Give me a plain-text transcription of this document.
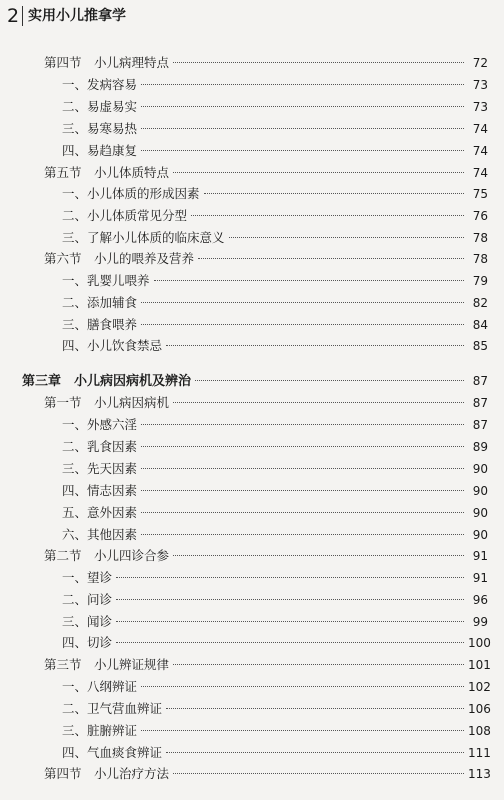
2 实用小儿推拿学
第四节　小儿病理特点	72
一、发病容易	73
二、易虚易实	73
三、易寒易热	74
四、易趋康复	74
第五节　小儿体质特点	74
一、小儿体质的形成因素	75
二、小儿体质常见分型	76
三、了解小儿体质的临床意义	78
第六节　小儿的喂养及营养	78
一、乳婴儿喂养	79
二、添加辅食	82
三、膳食喂养	84
四、小儿饮食禁忌	85
第三章　小儿病因病机及辨治	87
第一节　小儿病因病机	87
一、外感六淫	87
二、乳食因素	89
三、先天因素	90
四、情志因素	90
五、意外因素	90
六、其他因素	90
第二节　小儿四诊合参	91
一、望诊	91
二、问诊	96
三、闻诊	99
四、切诊	100
第三节　小儿辨证规律	101
一、八纲辨证	102
二、卫气营血辨证	106
三、脏腑辨证	108
四、气血痰食辨证	111
第四节　小儿治疗方法	113
